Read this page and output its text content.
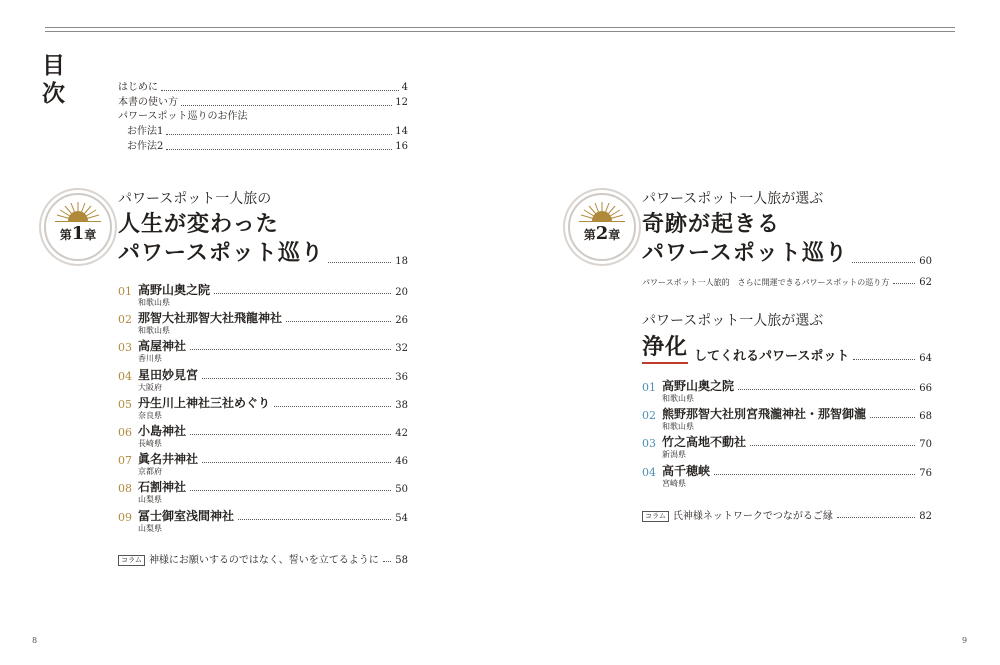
目次	はじめに	4
本書の使い方	12
パワースポット巡りのお作法
お作法1	14
お作法2	16
第1章
パワースポット一人旅の
人生が変わった
パワースポット巡り	18
01 高野山奥之院	20
和歌山県
02 那智大社那智大社飛龍神社	26
和歌山県
03 高屋神社	32
香川県
04 星田妙見宮	36
大阪府
05 丹生川上神社三社めぐり	38
奈良県
06 小島神社	42
長崎県
07 眞名井神社	46
京都府
08 石割神社	50
山梨県
09 冨士御室浅間神社	54
山梨県
コラム 神様にお願いするのではなく、誓いを立てるように 58
第2章
パワースポット一人旅が選ぶ
奇跡が起きる
パワースポット巡り	60
パワースポット一人旅的　さらに開運できるパワースポットの巡り方	62
パワースポット一人旅が選ぶ
浄化 してくれるパワースポット	64
01 高野山奥之院	66
和歌山県
02 熊野那智大社別宮飛瀧神社・那智御瀧	68
和歌山県
03 竹之高地不動社	70
新潟県
04 高千穂峡	76
宮崎県
コラム 氏神様ネットワークでつながるご縁	82
8	9
